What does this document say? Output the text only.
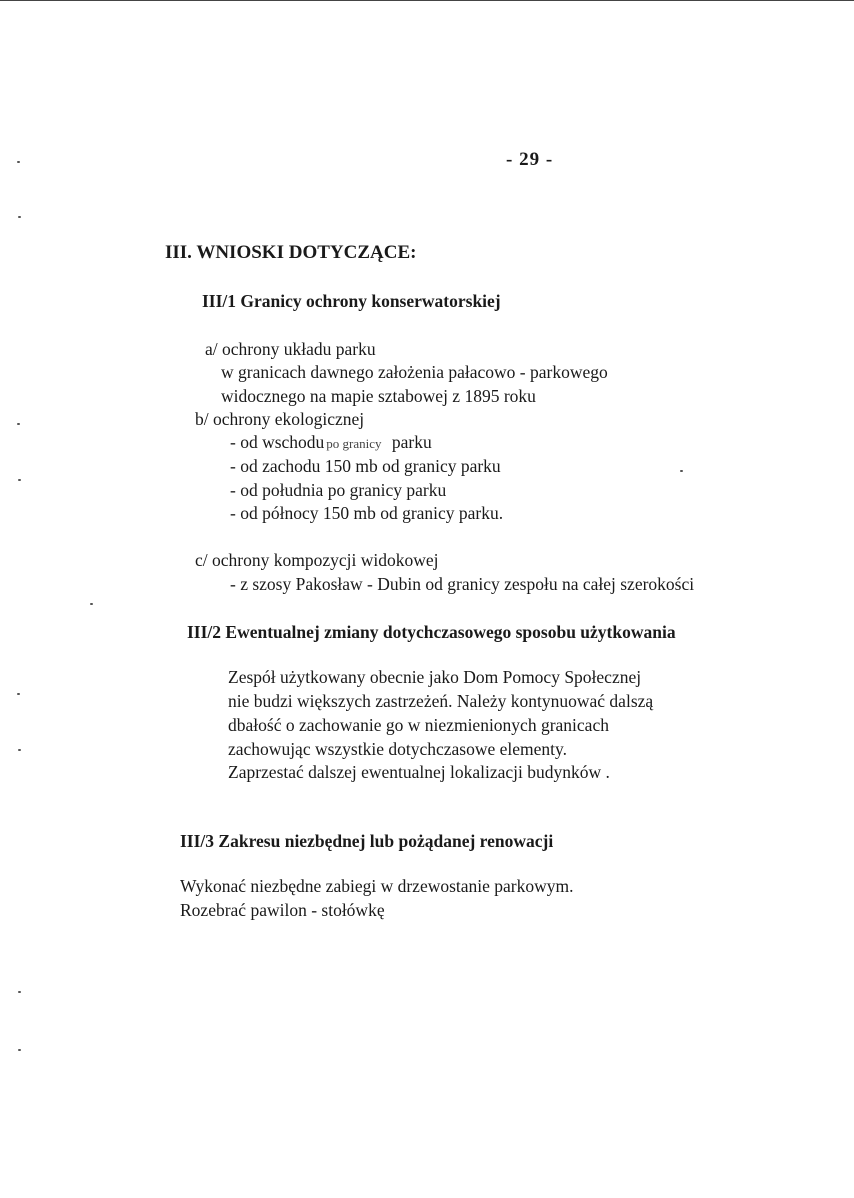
- 29 -
III. WNIOSKI DOTYCZĄCE:
III/1 Granicy ochrony konserwatorskiej
a/ ochrony układu parku
w granicach dawnego założenia pałacowo - parkowego
widocznego na mapie sztabowej z 1895 roku
b/ ochrony ekologicznej
- od wschodu po granicy parku
- od zachodu 150 mb od granicy parku
- od południa po granicy parku
- od północy 150 mb od granicy parku.
c/ ochrony kompozycji widokowej
- z szosy Pakosław - Dubin od granicy zespołu na całej szerokości
III/2 Ewentualnej zmiany dotychczasowego sposobu użytkowania
Zespół użytkowany obecnie jako Dom Pomocy Społecznej
nie budzi większych zastrzeżeń. Należy kontynuować dalszą
dbałość o zachowanie go w niezmienionych granicach
zachowując wszystkie dotychczasowe elementy.
Zaprzestać dalszej ewentualnej lokalizacji budynków .
III/3 Zakresu niezbędnej lub pożądanej renowacji
Wykonać niezbędne zabiegi w drzewostanie parkowym.
Rozebrać pawilon - stołówkę
